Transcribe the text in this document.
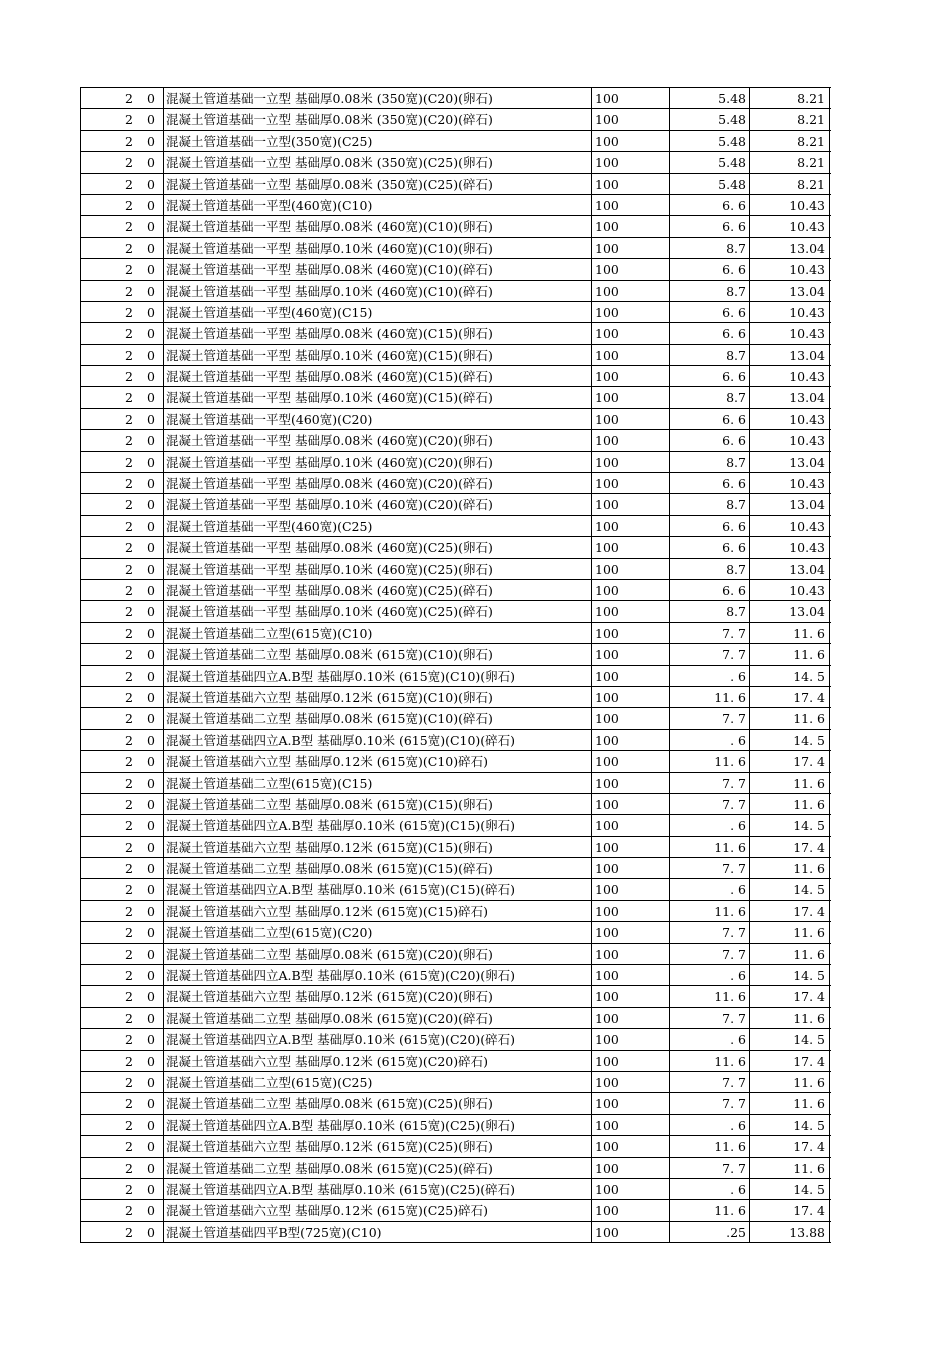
2 0 混凝土管道基础一立型 基础厚0.08米 (350宽)(C20)(卵石)	100	5.48	8.21
2 0 混凝土管道基础一立型 基础厚0.08米 (350宽)(C20)(碎石)	100	5.48	8.21
2 0 混凝土管道基础一立型(350宽)(C25)	100	5.48	8.21
2 0 混凝土管道基础一立型 基础厚0.08米 (350宽)(C25)(卵石)	100	5.48	8.21
2 0 混凝土管道基础一立型 基础厚0.08米 (350宽)(C25)(碎石)	100	5.48	8.21
2 0 混凝土管道基础一平型(460宽)(C10)	100	6. 6	10.43
2 0 混凝土管道基础一平型 基础厚0.08米 (460宽)(C10)(卵石)	100	6. 6	10.43
2 0 混凝土管道基础一平型 基础厚0.10米 (460宽)(C10)(卵石)	100	8.7	13.04
2 0 混凝土管道基础一平型 基础厚0.08米 (460宽)(C10)(碎石)	100	6. 6	10.43
2 0 混凝土管道基础一平型 基础厚0.10米 (460宽)(C10)(碎石)	100	8.7	13.04
2 0 混凝土管道基础一平型(460宽)(C15)	100	6. 6	10.43
2 0 混凝土管道基础一平型 基础厚0.08米 (460宽)(C15)(卵石)	100	6. 6	10.43
2 0 混凝土管道基础一平型 基础厚0.10米 (460宽)(C15)(卵石)	100	8.7	13.04
2 0 混凝土管道基础一平型 基础厚0.08米 (460宽)(C15)(碎石)	100	6. 6	10.43
2 0 混凝土管道基础一平型 基础厚0.10米 (460宽)(C15)(碎石)	100	8.7	13.04
2 0 混凝土管道基础一平型(460宽)(C20)	100	6. 6	10.43
2 0 混凝土管道基础一平型 基础厚0.08米 (460宽)(C20)(卵石)	100	6. 6	10.43
2 0 混凝土管道基础一平型 基础厚0.10米 (460宽)(C20)(卵石)	100	8.7	13.04
2 0 混凝土管道基础一平型 基础厚0.08米 (460宽)(C20)(碎石)	100	6. 6	10.43
2 0 混凝土管道基础一平型 基础厚0.10米 (460宽)(C20)(碎石)	100	8.7	13.04
2 0 混凝土管道基础一平型(460宽)(C25)	100	6. 6	10.43
2 0 混凝土管道基础一平型 基础厚0.08米 (460宽)(C25)(卵石)	100	6. 6	10.43
2 0 混凝土管道基础一平型 基础厚0.10米 (460宽)(C25)(卵石)	100	8.7	13.04
2 0 混凝土管道基础一平型 基础厚0.08米 (460宽)(C25)(碎石)	100	6. 6	10.43
2 0 混凝土管道基础一平型 基础厚0.10米 (460宽)(C25)(碎石)	100	8.7	13.04
2 0 混凝土管道基础二立型(615宽)(C10)	100	7. 7	11. 6
2 0 混凝土管道基础二立型 基础厚0.08米 (615宽)(C10)(卵石)	100	7. 7	11. 6
2 0 混凝土管道基础四立A.B型 基础厚0.10米 (615宽)(C10)(卵石)	100	. 6	14. 5
2 0 混凝土管道基础六立型 基础厚0.12米 (615宽)(C10)(卵石)	100	11. 6	17. 4
2 0 混凝土管道基础二立型 基础厚0.08米 (615宽)(C10)(碎石)	100	7. 7	11. 6
2 0 混凝土管道基础四立A.B型 基础厚0.10米 (615宽)(C10)(碎石)	100	. 6	14. 5
2 0 混凝土管道基础六立型 基础厚0.12米 (615宽)(C10)碎石)	100	11. 6	17. 4
2 0 混凝土管道基础二立型(615宽)(C15)	100	7. 7	11. 6
2 0 混凝土管道基础二立型 基础厚0.08米 (615宽)(C15)(卵石)	100	7. 7	11. 6
2 0 混凝土管道基础四立A.B型 基础厚0.10米 (615宽)(C15)(卵石)	100	. 6	14. 5
2 0 混凝土管道基础六立型 基础厚0.12米 (615宽)(C15)(卵石)	100	11. 6	17. 4
2 0 混凝土管道基础二立型 基础厚0.08米 (615宽)(C15)(碎石)	100	7. 7	11. 6
2 0 混凝土管道基础四立A.B型 基础厚0.10米 (615宽)(C15)(碎石)	100	. 6	14. 5
2 0 混凝土管道基础六立型 基础厚0.12米 (615宽)(C15)碎石)	100	11. 6	17. 4
2 0 混凝土管道基础二立型(615宽)(C20)	100	7. 7	11. 6
2 0 混凝土管道基础二立型 基础厚0.08米 (615宽)(C20)(卵石)	100	7. 7	11. 6
2 0 混凝土管道基础四立A.B型 基础厚0.10米 (615宽)(C20)(卵石)	100	. 6	14. 5
2 0 混凝土管道基础六立型 基础厚0.12米 (615宽)(C20)(卵石)	100	11. 6	17. 4
2 0 混凝土管道基础二立型 基础厚0.08米 (615宽)(C20)(碎石)	100	7. 7	11. 6
2 0 混凝土管道基础四立A.B型 基础厚0.10米 (615宽)(C20)(碎石)	100	. 6	14. 5
2 0 混凝土管道基础六立型 基础厚0.12米 (615宽)(C20)碎石)	100	11. 6	17. 4
2 0 混凝土管道基础二立型(615宽)(C25)	100	7. 7	11. 6
2 0 混凝土管道基础二立型 基础厚0.08米 (615宽)(C25)(卵石)	100	7. 7	11. 6
2 0 混凝土管道基础四立A.B型 基础厚0.10米 (615宽)(C25)(卵石)	100	. 6	14. 5
2 0 混凝土管道基础六立型 基础厚0.12米 (615宽)(C25)(卵石)	100	11. 6	17. 4
2 0 混凝土管道基础二立型 基础厚0.08米 (615宽)(C25)(碎石)	100	7. 7	11. 6
2 0 混凝土管道基础四立A.B型 基础厚0.10米 (615宽)(C25)(碎石)	100	. 6	14. 5
2 0 混凝土管道基础六立型 基础厚0.12米 (615宽)(C25)碎石)	100	11. 6	17. 4
2 0 混凝土管道基础四平B型(725宽)(C10)	100	.25	13.88
